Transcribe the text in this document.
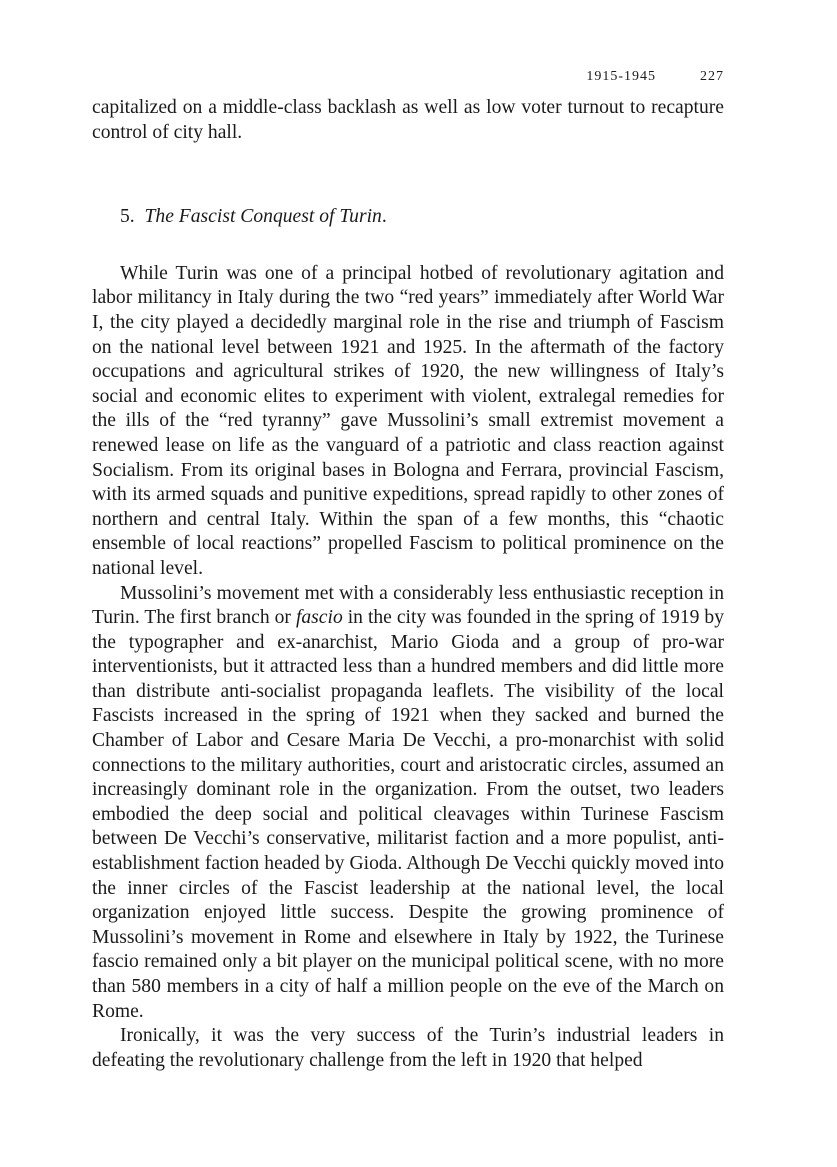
1915-1945	227

capitalized on a middle-class backlash as well as low voter turnout to recapture control of city hall.

5. The Fascist Conquest of Turin.

While Turin was one of a principal hotbed of revolutionary agitation and labor militancy in Italy during the two “red years” immediately after World War I, the city played a decidedly marginal role in the rise and triumph of Fascism on the national level between 1921 and 1925. In the aftermath of the factory occupations and agricultural strikes of 1920, the new willingness of Italy’s social and economic elites to experiment with violent, extralegal remedies for the ills of the “red tyranny” gave Mussolini’s small extremist movement a renewed lease on life as the vanguard of a patriotic and class reaction against Socialism. From its original bases in Bologna and Ferrara, provincial Fascism, with its armed squads and punitive expeditions, spread rapidly to other zones of northern and central Italy. Within the span of a few months, this “chaotic ensemble of local reactions” propelled Fascism to political prominence on the national level.

Mussolini’s movement met with a considerably less enthusiastic reception in Turin. The first branch or fascio in the city was founded in the spring of 1919 by the typographer and ex-anarchist, Mario Gioda and a group of pro-war interventionists, but it attracted less than a hundred members and did little more than distribute anti-socialist propaganda leaflets. The visibility of the local Fascists increased in the spring of 1921 when they sacked and burned the Chamber of Labor and Cesare Maria De Vecchi, a pro-monarchist with solid connections to the military authorities, court and aristocratic circles, assumed an increasingly dominant role in the organization. From the outset, two leaders embodied the deep social and political cleavages within Turinese Fascism between De Vecchi’s conservative, militarist faction and a more populist, anti-establishment faction headed by Gioda. Although De Vecchi quickly moved into the inner circles of the Fascist leadership at the national level, the local organization enjoyed little success. Despite the growing prominence of Mussolini’s movement in Rome and elsewhere in Italy by 1922, the Turinese fascio remained only a bit player on the municipal political scene, with no more than 580 members in a city of half a million people on the eve of the March on Rome.

Ironically, it was the very success of the Turin’s industrial leaders in defeating the revolutionary challenge from the left in 1920 that helped
